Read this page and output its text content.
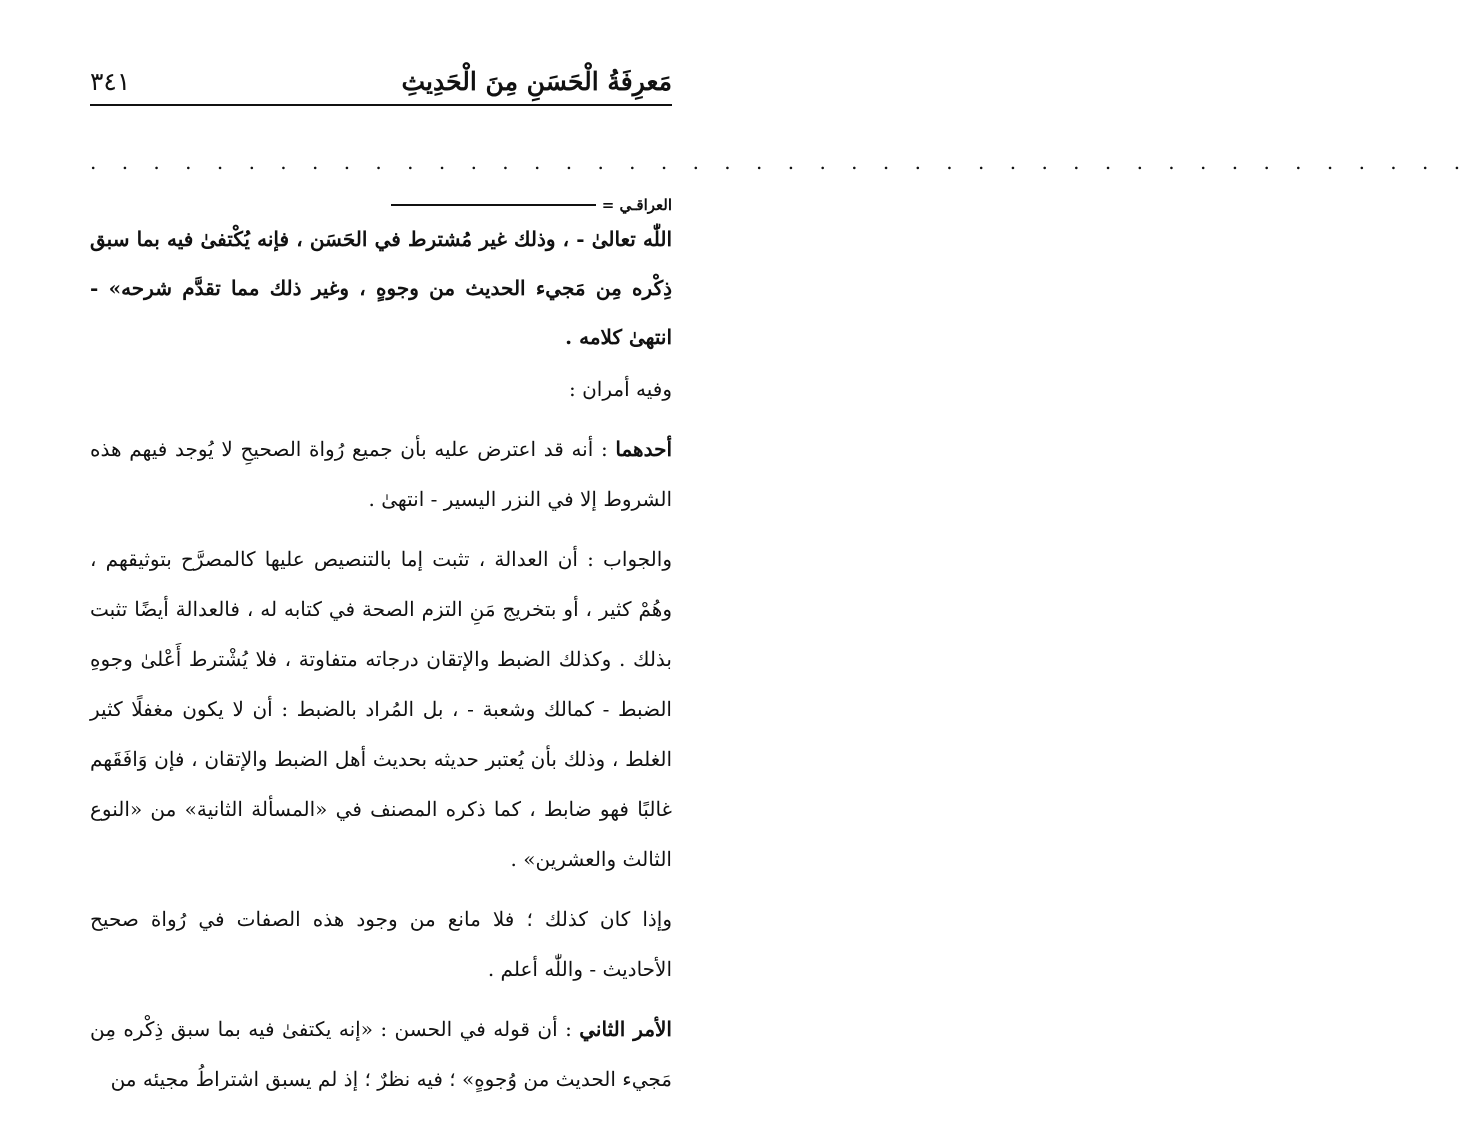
مَعرِفَةُ الْحَسَنِ مِنَ الْحَدِيثِ
٣٤١
. . . . . . . . . . . . . . . . . . . . . . . . . . . . . . . . . . . . . . . . . . . .
العراقـي =
اللّٰه تعالىٰ - ، وذلك غير مُشترط في الحَسَن ، فإنه يُكْتفىٰ فيه بما سبق ذِكْره مِن مَجيء الحديث من وجوهٍ ، وغير ذلك مما تقدَّم شرحه» - انتهىٰ كلامه .

وفيه أمران :

أحدهما : أنه قد اعترض عليه بأن جميع رُواة الصحيحِ لا يُوجد فيهم هذه الشروط إلا في النزر اليسير - انتهىٰ .

والجواب : أن العدالة ، تثبت إما بالتنصيص عليها كالمصرَّح بتوثيقهم ، وهُمْ كثير ، أو بتخريج مَنِ التزم الصحة في كتابه له ، فالعدالة أيضًا تثبت بذلك . وكذلك الضبط والإتقان درجاته متفاوتة ، فلا يُشْترط أَعْلىٰ وجوهِ الضبط - كمالك وشعبة - ، بل المُراد بالضبط : أن لا يكون مغفلًا كثير الغلط ، وذلك بأن يُعتبر حديثه بحديث أهل الضبط والإتقان ، فإن وَافَقَهم غالبًا فهو ضابط ، كما ذكره المصنف في «المسألة الثانية» من «النوع الثالث والعشرين» .

وإذا كان كذلك ؛ فلا مانع من وجود هذه الصفات في رُواة صحيح الأحاديث - واللّٰه أعلم .

الأمر الثاني : أن قوله في الحسن : «إنه يكتفىٰ فيه بما سبق ذِكْره مِن مَجيء الحديث من وُجوهٍ» ؛ فيه نظرٌ ؛ إذ لم يسبق اشتراطُ مجيئه من
